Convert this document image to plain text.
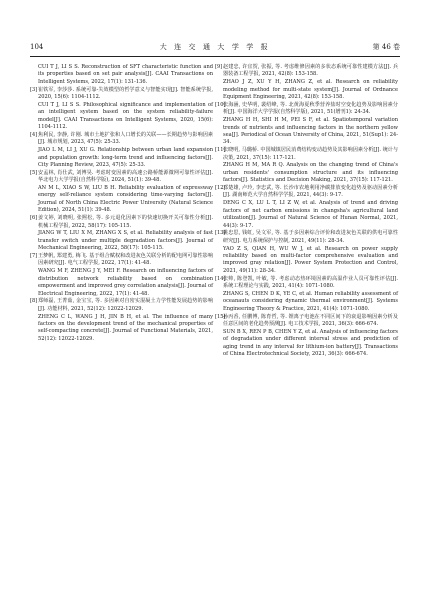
104	大 连 交 通 大 学 学 报	第 46 卷
CUI T J, LI S S. Reconstruction of SFT characteristic function and its properties based on set pair analysis[J]. CAAI Transactions on Intelligent Systems, 2022, 17(1): 131-136.
[3] 崔铁军, 李莎莎. 系统可靠-失效模型的哲学意义与智能实现[J]. 智能系统学报, 2020, 15(6): 1104-1112.
CUI T J, LI S S. Philosophical significance and implementation of an intelligent system based on the system reliability-failure model[J]. CAAI Transactions on Intelligent Systems, 2020, 15(6): 1104-1112.
[4] 焦利民, 李静, 许刚. 城市土地扩张和人口增长的关联——长期趋势与影响因素[J]. 城市规划, 2023, 47(5): 25-33.
JIAO L M, LI J, XU G. Relationship between urban land expansion and population growth: long-term trend and influencing factors[J]. City Planning Review, 2023, 47(5): 25-33.
[5] 安孟林, 肖仕武, 刘博昊. 考虑时变因素的高速公路桥能源微网可靠性评估[J]. 华北电力大学学报(自然科学版), 2024, 51(1): 39-48.
AN M L, XIAO S W, LIU B H. Reliability evaluation of expressway energy self-reliance system considering time-varying factors[J]. Journal of North China Electric Power University (Natural Science Edition), 2024, 51(1): 39-48.
[6] 姜文婷, 刘晓明, 张熙松, 等. 多元退化因素下的快速切换开关可靠性分析[J]. 机械工程学报, 2022, 58(17): 105-115.
JIANG W T, LIU X M, ZHANG X S, et al. Reliability analysis of fast transfer switch under multiple degradation factors[J]. Journal of Mechanical Engineering, 2022, 58(17): 105-115.
[7] 王梦帆, 郑建勇, 梅飞. 基于组合赋权和改进灰色关联分析的配电网可靠性影响因素研究[J]. 电气工程学报, 2022, 17(1): 41-48.
WANG M F, ZHENG J Y, MEI F. Research on influencing factors of distribution network reliability based on combination empowerment and improved grey correlation analysis[J]. Journal of Electrical Engineering, 2022, 17(1): 41-48.
[8] 郑师磊, 王菁茹, 金宝宝, 等. 多因素对自密实混凝土力学性能发展趋势的影响[J]. 功能材料, 2021, 52(12): 12022-12029.
ZHENG C L, WANG J H, JIN B H, et al. The influence of many factors on the development trend of the mechanical properties of self-compacting concrete[J]. Journal of Functional Materials, 2021, 52(12): 12022-12029.
[9] 赵建忠, 许宜贺, 张振, 等. 考虑维修因素的多状态系统可靠性建模方法[J]. 兵器装备工程学报, 2021, 42(8): 153-158.
ZHAO J Z, XU Y H, ZHANG Z, et al. Research on reliability modeling method for multi-state system[J]. Journal of Ordnance Equipment Engineering, 2021, 42(8): 153-158.
[10]
张海涵, 史华明, 裴绍峰, 等. 北黄海夏秋季营养盐时空变化趋势及影响因素分析[J]. 中国海洋大学学报(自然科学版), 2021, 51(增刊1): 24-34.
ZHANG H H, SHI H M, PEI S F, et al. Spatiotemporal variation trends of nutrients and influencing factors in the northern yellow sea[J]. Periodical of Ocean University of China, 2021, 51(Sup1): 24-34.
[11]
张晓明, 马璐桥. 中国城镇居民消费结构变动趋势及其影响因素分析[J]. 统计与决策, 2021, 37(15): 117-121.
ZHANG H M, MA R Q. Analysis on the changing trend of China's urban residents' consumption structure and its influencing factors[J]. Statistics and Decision Making, 2021, 37(15): 117-121.
[12]
邓楚雄, 卢玲, 李忠武, 等. 长沙市农地利用净碳排放变化趋势及驱动因素分析[J]. 湖南师范大学自然科学学报, 2021, 44(3): 9-17.
DENG C X, LU L T, LI Z W, et al. Analysis of trend and driving factors of net carbon emissions in changsha's agricultural land utilization[J]. Journal of Natural Science of Hunan Normal, 2021, 44(3): 9-17.
[13]
姚忠思, 钱虹, 吴文军, 等. 基于多因素综合评价和改进灰色关联的供电可靠性研究[J]. 电力系统保护与控制, 2021, 49(11): 28-34.
YAO Z S, QIAN H, WU W J, et al. Research on power supply reliability based on multi-factor comprehensive evaluation and improved gray relation[J]. Power System Protection and Control, 2021, 49(11): 28-34.
[14]
张帅, 陈登凯, 叶敏, 等. 考虑动态热环境因素的高温作业人员可靠性评估[J]. 系统工程理论与实践, 2021, 41(4): 1071-1080.
ZHANG S, CHEN D K, YE C, et al. Human reliability assessment of oceanauts considering dynamic thermal environment[J]. Systems Engineering Theory & Practice, 2021, 41(4): 1071-1080.
[15]
孙丙香, 任鹏博, 陈育哲, 等. 锂离子电池在不同区间下的衰退影响因素分析及任意区间的老化趋势预测[J]. 电工技术学报, 2021, 36(3): 666-674.
SUN B X, REN P B, CHEN Y Z, et al. Analysis of influencing factors of degradation under different interval stress and prediction of aging trend in any interval for lithium-ion battery[J]. Transactions of China Electrotechnical Society, 2021, 36(3): 666-674.
